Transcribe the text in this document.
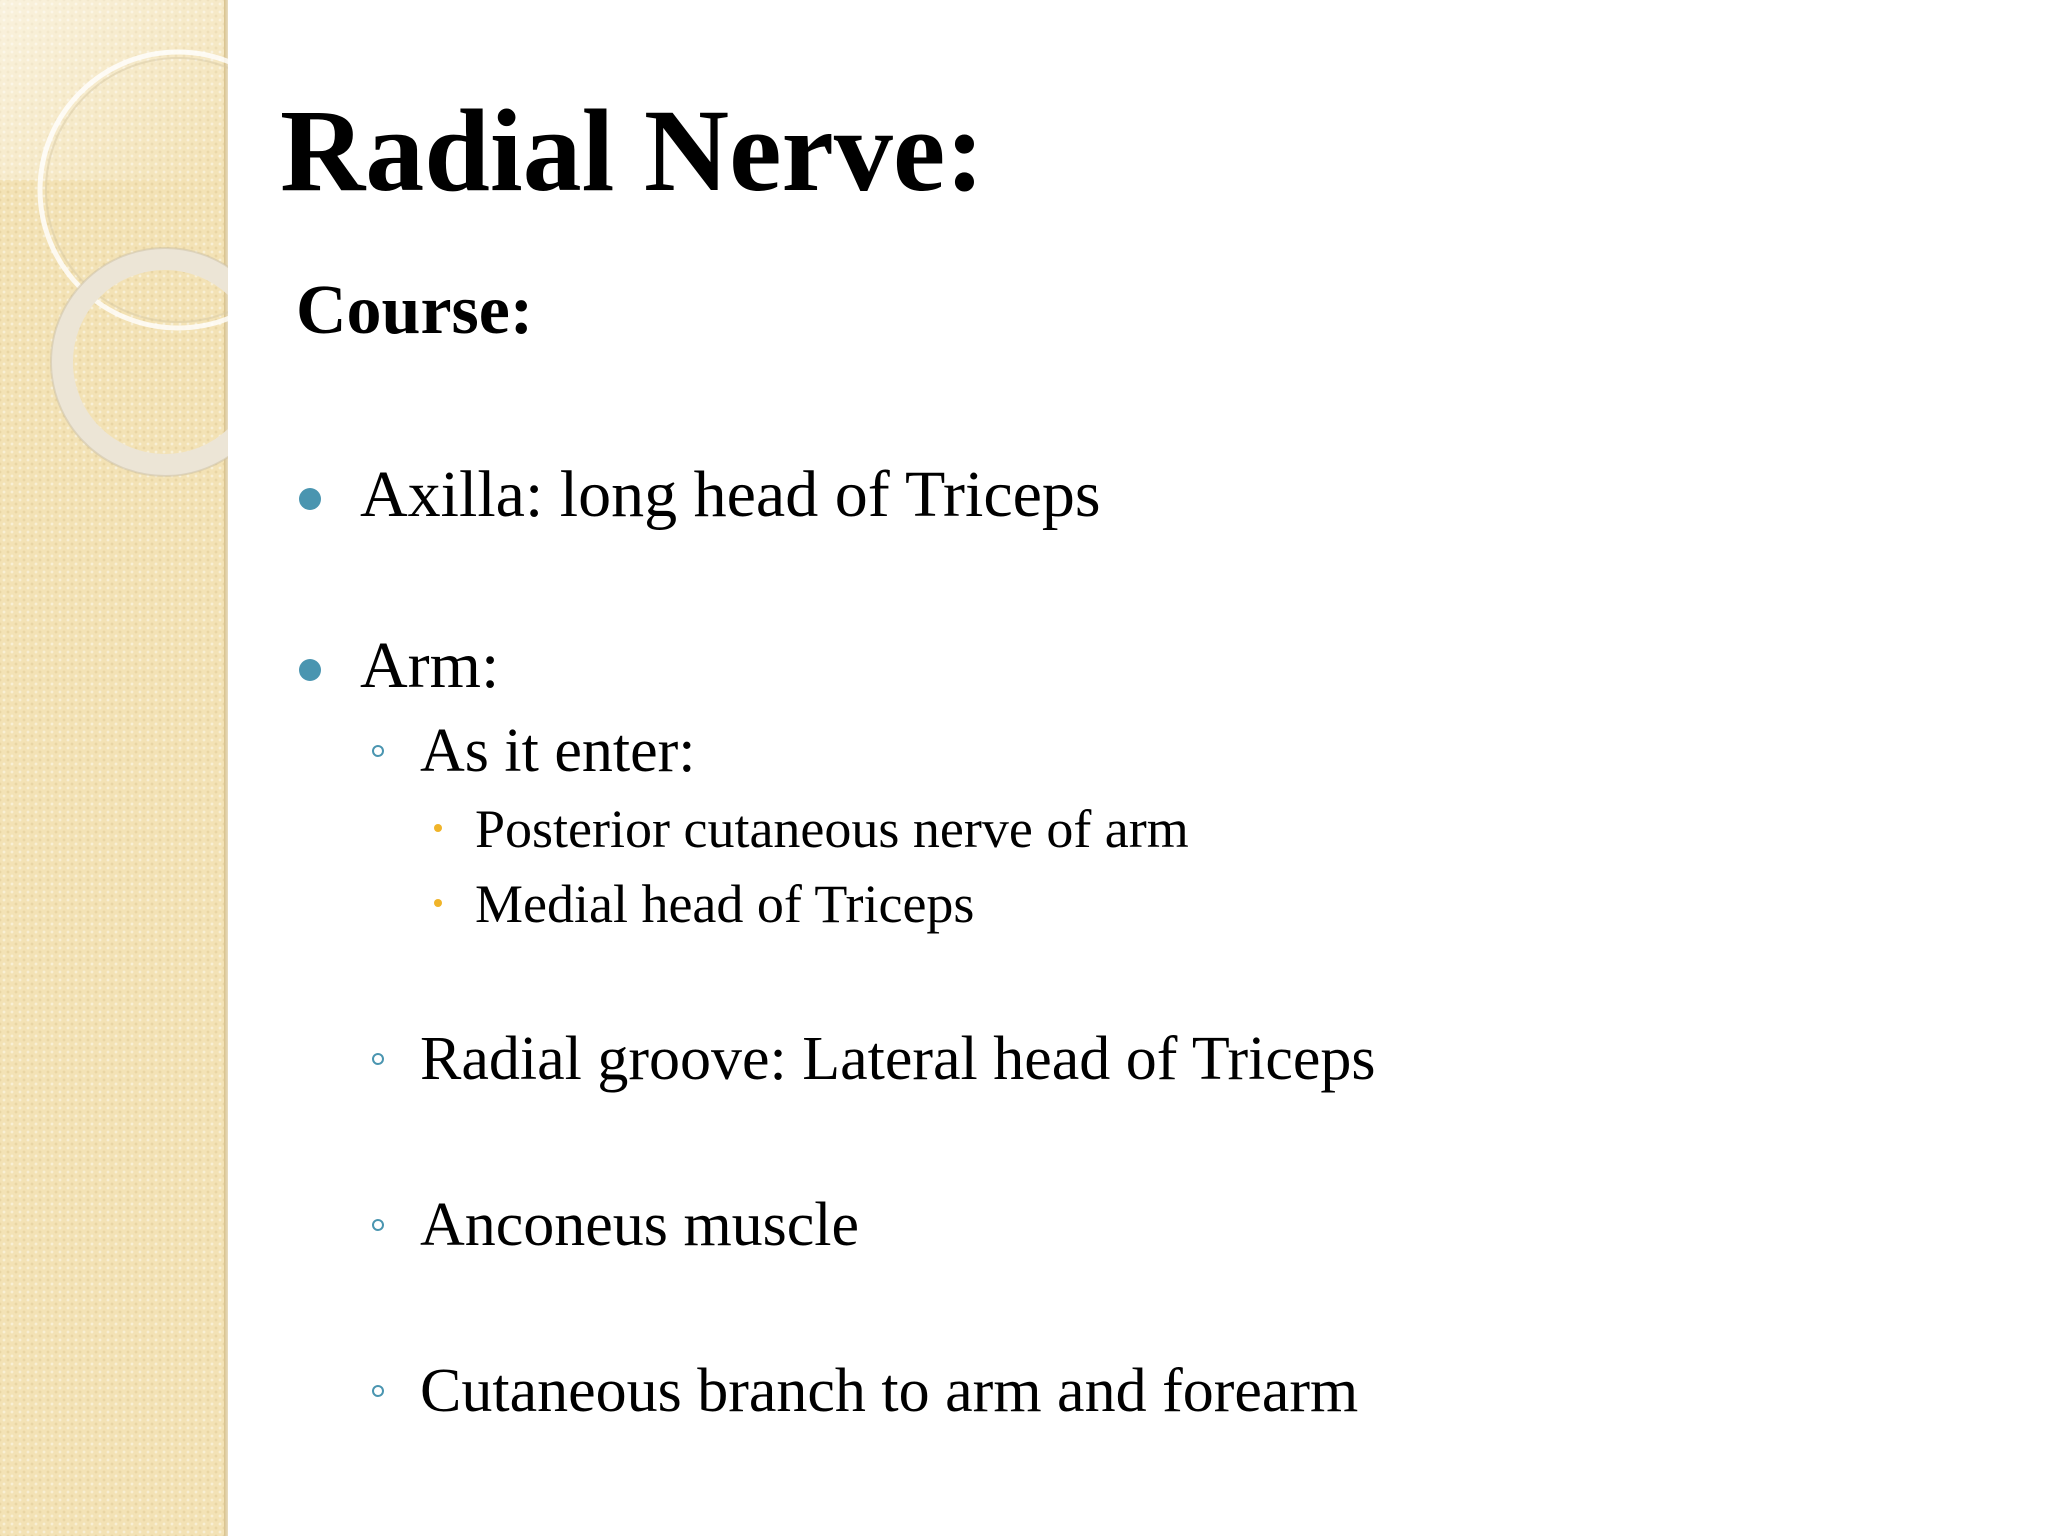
Radial Nerve:
Course:
Axilla: long head of Triceps
Arm:
As it enter:
Posterior cutaneous nerve of arm
Medial head of Triceps
Radial groove: Lateral head of Triceps
Anconeus muscle
Cutaneous branch to arm and forearm
